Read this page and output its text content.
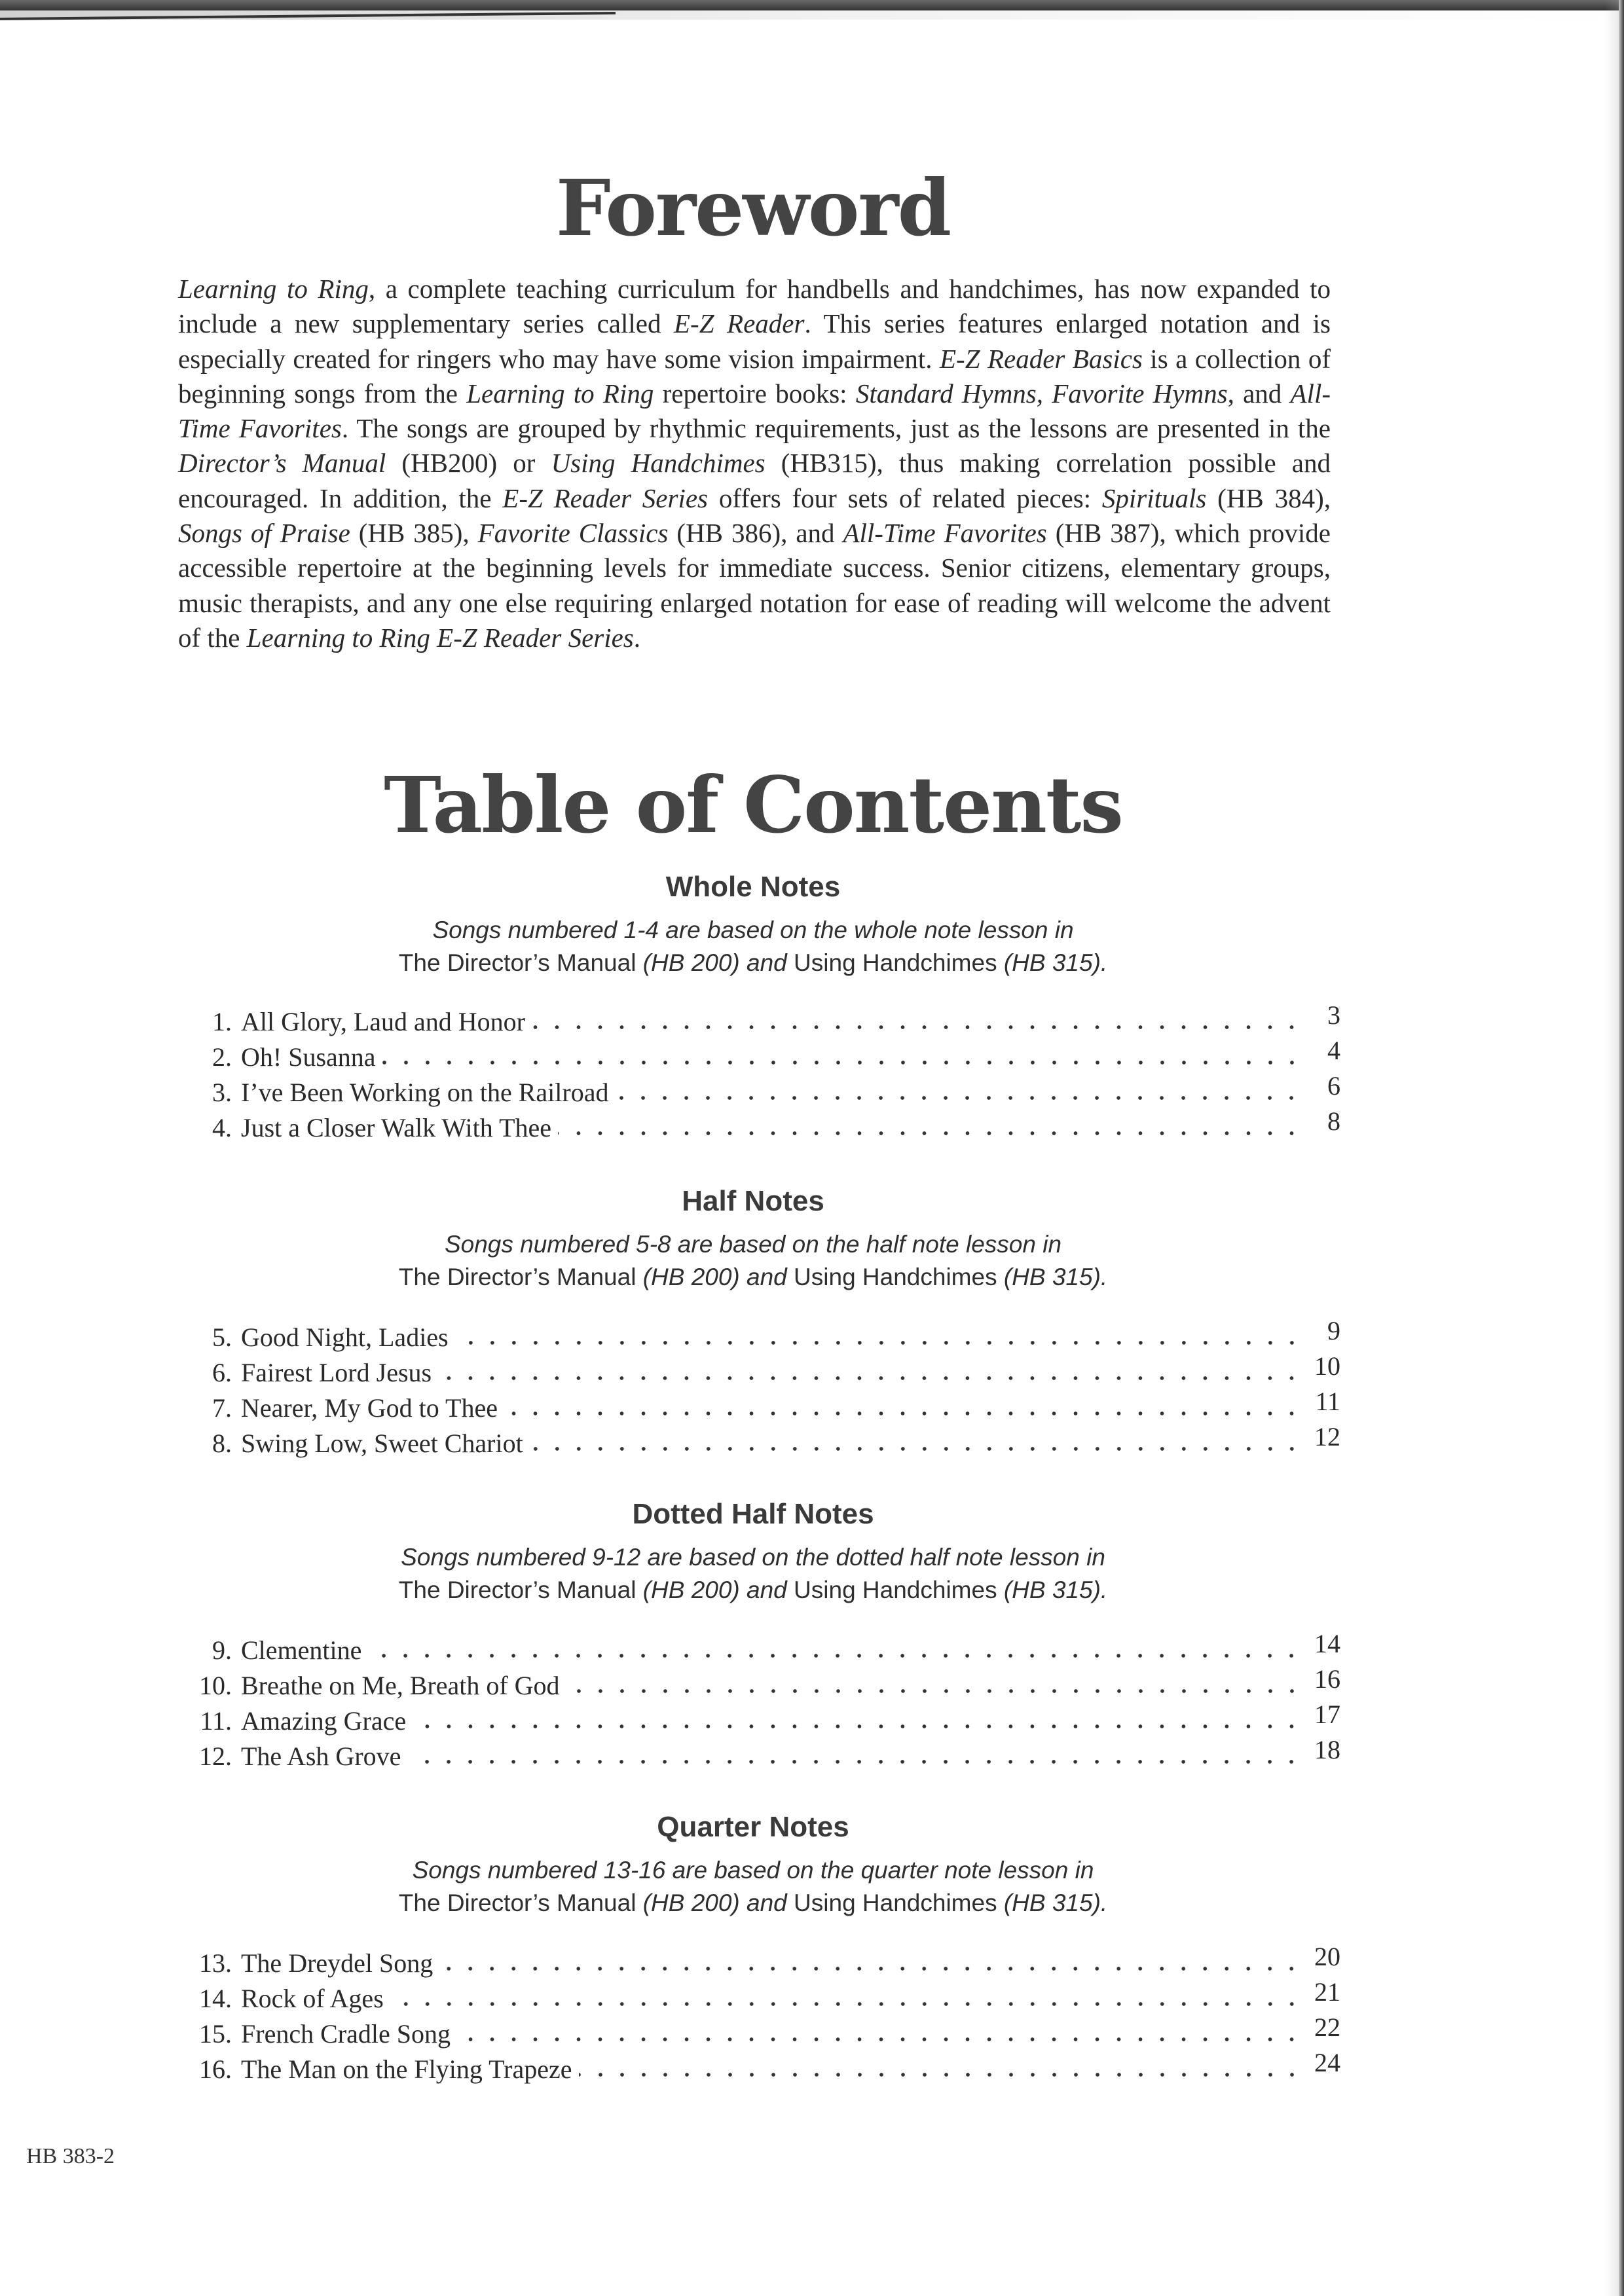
Foreword

Learning to Ring, a complete teaching curriculum for handbells and handchimes, has now expanded to include a new supplementary series called E-Z Reader. This series features enlarged notation and is especially created for ringers who may have some vision impairment. E-Z Reader Basics is a collection of beginning songs from the Learning to Ring repertoire books: Standard Hymns, Favorite Hymns, and All-Time Favorites. The songs are grouped by rhythmic requirements, just as the lessons are presented in the Director’s Manual (HB200) or Using Handchimes (HB315), thus making correlation possible and encouraged. In addition, the E-Z Reader Series offers four sets of related pieces: Spirituals (HB 384), Songs of Praise (HB 385), Favorite Classics (HB 386), and All-Time Favorites (HB 387), which provide accessible repertoire at the beginning levels for immediate success. Senior citizens, elementary groups, music therapists, and any one else requiring enlarged notation for ease of reading will welcome the advent of the Learning to Ring E-Z Reader Series.

Table of Contents
Whole Notes
Songs numbered 1-4 are based on the whole note lesson in
The Director’s Manual (HB 200) and Using Handchimes (HB 315).
1. All Glory, Laud and Honor	3
2. Oh! Susanna	4
3. I’ve Been Working on the Railroad	6
4. Just a Closer Walk With Thee	8
Half Notes
Songs numbered 5-8 are based on the half note lesson in
The Director’s Manual (HB 200) and Using Handchimes (HB 315).
5. Good Night, Ladies	9
6. Fairest Lord Jesus	10
7. Nearer, My God to Thee	11
8. Swing Low, Sweet Chariot	12
Dotted Half Notes
Songs numbered 9-12 are based on the dotted half note lesson in
The Director’s Manual (HB 200) and Using Handchimes (HB 315).
9. Clementine	14
10. Breathe on Me, Breath of God	16
11. Amazing Grace	17
12. The Ash Grove	18
Quarter Notes
Songs numbered 13-16 are based on the quarter note lesson in
The Director’s Manual (HB 200) and Using Handchimes (HB 315).
13. The Dreydel Song	20
14. Rock of Ages	21
15. French Cradle Song	22
16. The Man on the Flying Trapeze	24
HB 383-2
